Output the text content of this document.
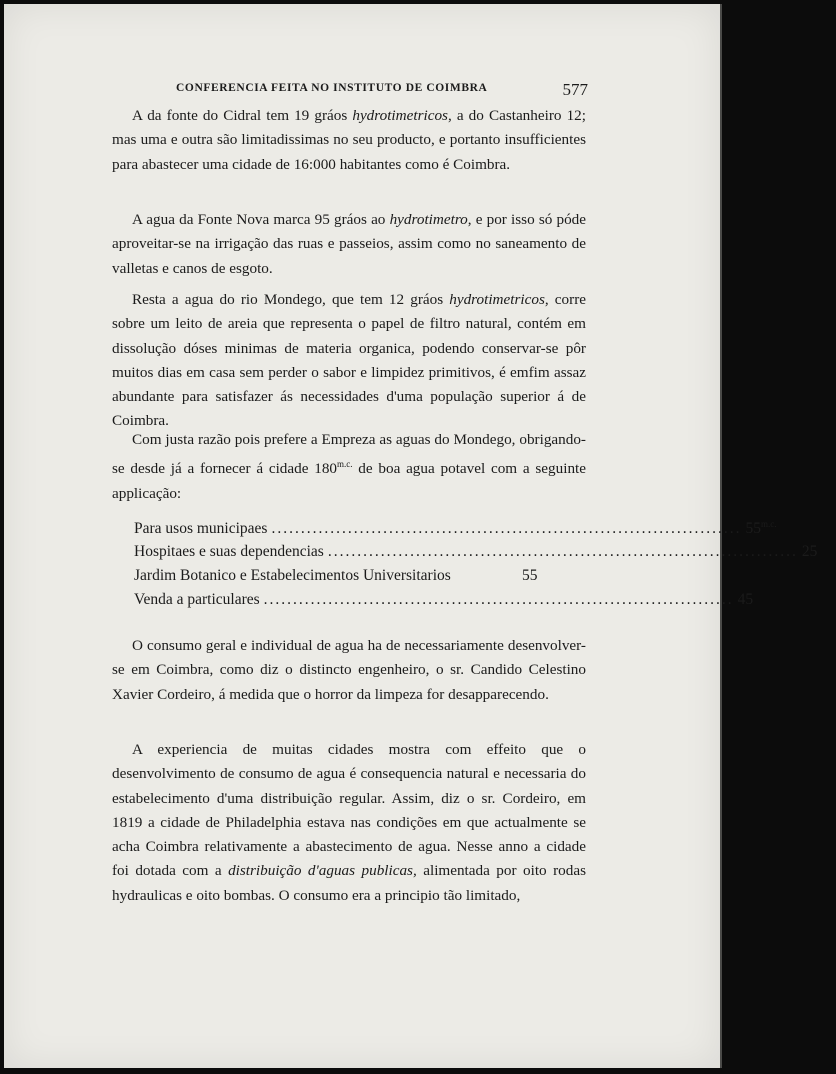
CONFERENCIA FEITA NO INSTITUTO DE COIMBRA	577

A da fonte do Cidral tem 19 gráos hydrotimetricos, a do Castanheiro 12; mas uma e outra são limitadissimas no seu producto, e portanto insufficientes para abastecer uma cidade de 16:000 habitantes como é Coimbra.

A agua da Fonte Nova marca 95 gráos ao hydrotimetro, e por isso só póde aproveitar-se na irrigação das ruas e passeios, assim como no saneamento de valletas e canos de esgoto.

Resta a agua do rio Mondego, que tem 12 gráos hydrotimetricos, corre sobre um leito de areia que representa o papel de filtro natural, contém em dissolução dóses minimas de materia organica, podendo conservar-se pôr muitos dias em casa sem perder o sabor e limpidez primitivos, é emfim assaz abundante para satisfazer ás necessidades d'uma população superior á de Coimbra.

Com justa razão pois prefere a Empreza as aguas do Mondego, obrigando-se desde já a fornecer á cidade $180^{m.c.}$ de boa agua potavel com a seguinte applicação:

Para usos municipaes ................................................................................ $55^{m.c.}$
Hospitaes e suas dependencias ................................................................................ 25
Jardim Botanico e Estabelecimentos Universitarios	55
Venda a particulares ................................................................................ 45

O consumo geral e individual de agua ha de necessariamente desenvolver-se em Coimbra, como diz o distincto engenheiro, o sr. Candido Celestino Xavier Cordeiro, á medida que o horror da limpeza for desapparecendo.

A experiencia de muitas cidades mostra com effeito que o desenvolvimento de consumo de agua é consequencia natural e necessaria do estabelecimento d'uma distribuição regular. Assim, diz o sr. Cordeiro, em 1819 a cidade de Philadelphia estava nas condições em que actualmente se acha Coimbra relativamente a abastecimento de agua. Nesse anno a cidade foi dotada com a distribuição d'aguas publicas, alimentada por oito rodas hydraulicas e oito bombas. O consumo era a principio tão limitado,
